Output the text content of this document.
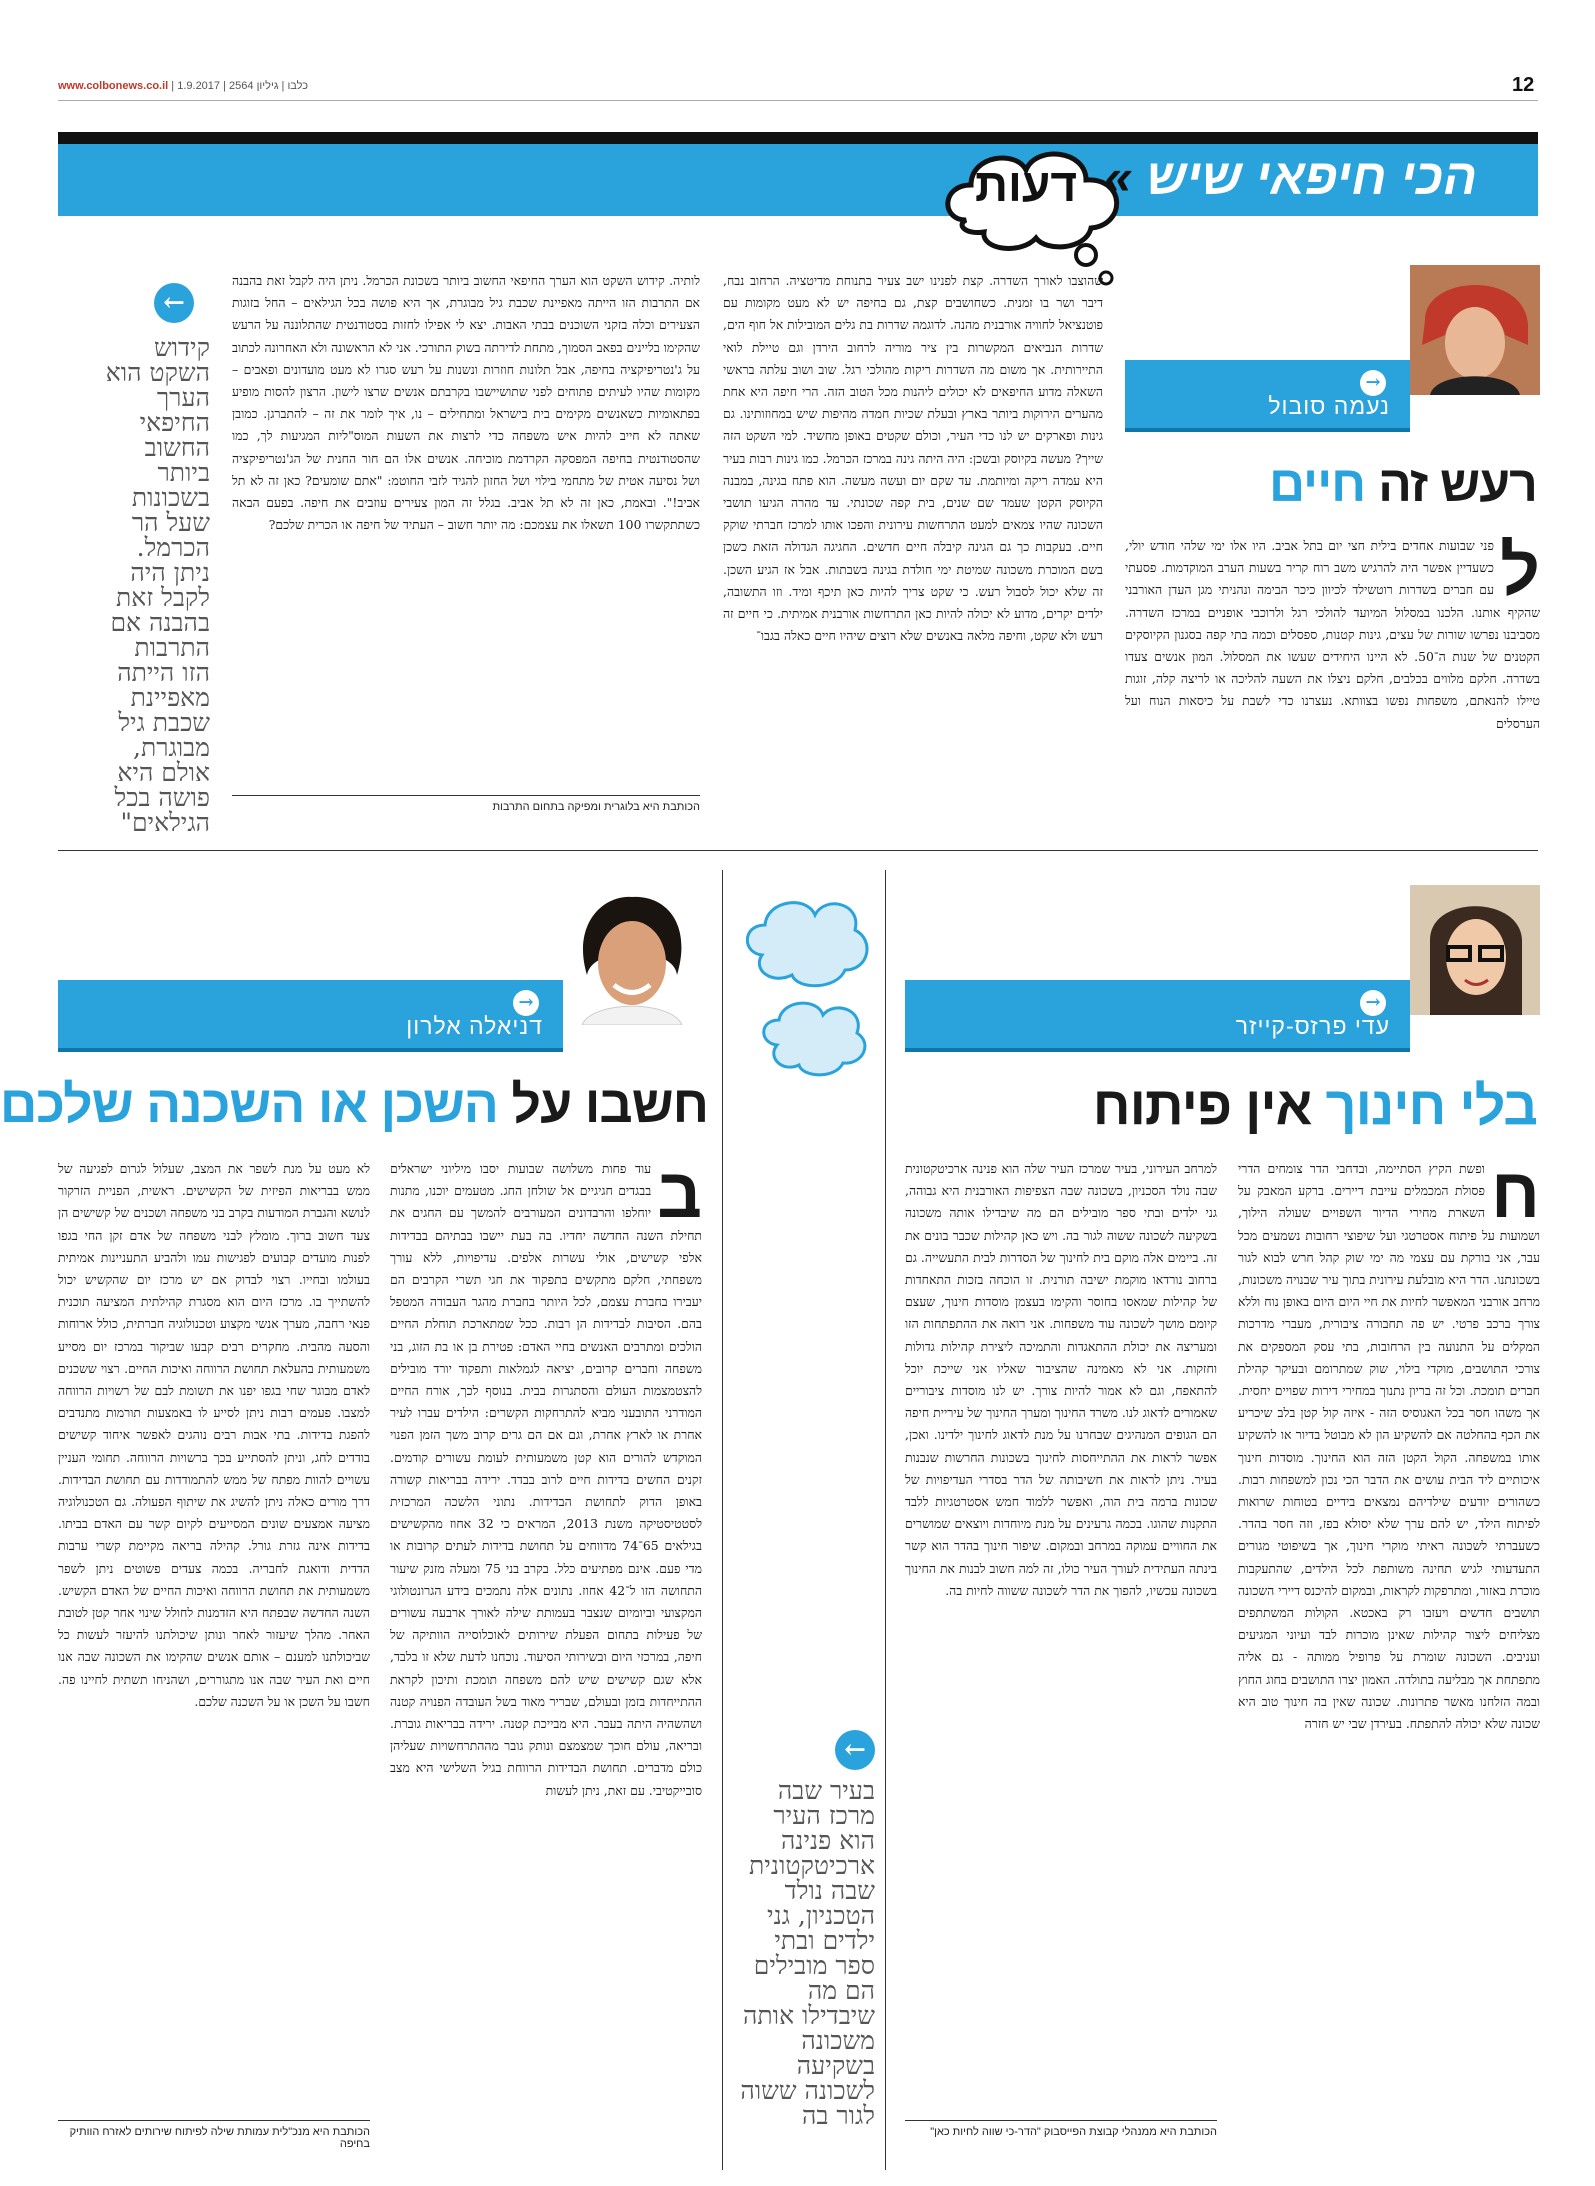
www.colbonews.co.il | כלבו | גיליון 2564 | 1.9.2017	12
הכי חיפאי שיש »
דעות
→
נעמה סובול
רעש זה חיים
ל
פני שבועות אחדים בילית חצי יום בתל אביב. היו אלו ימי שלהי חודש יולי, כשעדיין אפשר היה להרגיש משב רוח קריר בשעות הערב המוקדמות. פסעתי עם חברים בשדרות רוטשילד לכיוון כיכר הבימה ונהניתי מגן העדן האורבני שהקיף אותנו. הלכנו במסלול המיועד להולכי רגל ולרוכבי אופניים במרכז השדרה. מסביבנו נפרשו שורות של עצים, גינות קטנות, ספסלים וכמה בתי קפה בסגנון הקיוסקים הקטנים של שנות ה־50. לא היינו היחידים שעשו את המסלול. המון אנשים צעדו בשדרה. חלקם מלווים בכלבים, חלקם ניצלו את השעה להליכה או לריצה קלה, זוגות טיילו להנאתם, משפחות נפשו בצוותא. נעצרנו כדי לשבת על כיסאות הנוח ועל הערסלים
שהוצבו לאורך השדרה. קצת לפנינו ישב צעיר בתנוחת מדיטציה. הרחוב נבח, דיבר ושר בו זמנית. כשחושבים קצת, גם בחיפה יש לא מעט מקומות עם פוטנציאל לחוויה אורבנית מהנה. לדוגמה שדרות בת גלים המובילות אל חוף הים, שדרות הנביאים המקשרות בין ציר מוריה לרחוב הירדן וגם טיילת לואי התיירותית. אך משום מה השדרות ריקות מהולכי רגל. שוב ושוב עלתה בראשי השאלה מדוע החיפאים לא יכולים ליהנות מכל הטוב הזה. הרי חיפה היא אחת מהערים הירוקות ביותר בארץ ובעלת שכיות חמדה מהיפות שיש במחוזותינו. גם גינות ופארקים יש לנו כדי העיר, וכולם שקטים באופן מחשיד. למי השקט הזה שייך? מעשה בקיוסק ובשכן: היה היתה גינה במרכז הכרמל. כמו גינות רבות בעיר היא עמדה ריקה ומיותמת. עד שקם יום ועשה מעשה. הוא פתח בגינה, במבנה הקיוסק הקטן שעמד שם שנים, בית קפה שכונתי. עד מהרה הגיעו תושבי השכונה שהיו צמאים למעט התרחשות עירונית והפכו אותו למרכז חברתי שוקק חיים. בעקבות כך גם הגינה קיבלה חיים חדשים. החגיגה הגדולה הזאת כשכן בשם המוכרת משכונה שמיטת ימי חולדת בגינה בשבתות. אבל אז הגיע השכן. זה שלא יכול לסבול רעש. כי שקט צריך להיות כאן תיכף ומיד. וזו התשובה, ילדים יקרים, מדוע לא יכולה להיות כאן התרחשות אורבנית אמיתית. כי חיים זה רעש ולא שקט, וחיפה מלאה באנשים שלא רוצים שיהיו חיים כאלה בגבו־
לותיה. קידוש השקט הוא הערך החיפאי החשוב ביותר בשכונת הכרמל. ניתן היה לקבל זאת בהבנה אם התרבות הזו הייתה מאפיינת שכבת גיל מבוגרת, אך היא פושה בכל הגילאים – החל בזוגות הצעירים וכלה בזקני השוכנים בבתי האבות. יצא לי אפילו לחזות בסטודנטית שהתלוננה על הרעש שהקימו בליינים בפאב הסמוך, מתחת לדירתה בשוק התורכי. אני לא הראשונה ולא האחרונה לכתוב על ג'נטריפיקציה בחיפה, אבל תלונות חוזרות ונשנות על רעש סגרו לא מעט מועדונים ופאבים – מקומות שהיו לעיתים פתוחים לפני שתושיישבו בקרבתם אנשים שרצו לישון. הרצון להסות מופיע בפתאומיות כשאנשים מקימים בית בישראל ומתחילים – נו, איך לומר את זה – להתברגן. כמובן שאתה לא חייב להיות איש משפחה כדי לרצות את השעות המוס"ליות המגיעות לך, כמו שהסטודנטית בחיפה המפסקה הקרדמת מוכיחה. אנשים אלו הם חור החנית של הג'נטריפיקציה ושל נסיעה אטית של מתחמי בילוי ושל החזון להגיד לזבי החוטמ: "אתם שומעים? כאן זה לא תל אביב!". ובאמת, כאן זה לא תל אביב. בגלל זה המון צעירים עוזבים את חיפה. בפעם הבאה כשתתקשרו 100 תשאלו את עצמכם: מה יותר חשוב – העתיד של חיפה או הכרית שלכם?
←
קידוש השקט הוא הערך החיפאי החשוב ביותר בשכונות שעל הר הכרמל. ניתן היה לקבל זאת בהבנה אם התרבות הזו הייתה מאפיינת שכבת גיל מבוגרת, אולם היא פושה בכל הגילאים"
הכותבת היא בלוגרית ומפיקה בתחום התרבות
→
עדי פרזס-קייזר
בלי חינוך אין פיתוח
ח
ופשת הקיץ הסתיימה, ובדחבי הדר צומחים הדרי פסולת המכמלים עייבת דיירים. ברקע המאבק על השארת מחירי הדיור השפויים שעולה הילוך, ושמועות על פיתוח אסטרטגי ועל שיפוצי רחובות נשמעים מכל עבר, אני בורקת עם עצמי מה ימי שוק קהל חרש לבוא לגור בשכונתנו. הדר היא מובלעת עירונית בתוך עיר שבנויה משכונות, מרחב אורבני המאפשר לחיות את חיי היום היום באופן נוח וללא צורך ברכב פרטי. יש פה תחבורה ציבורית, מעברי מדרכות המקלים על התנועה בין הרחובות, בתי עסק המספקים את צורכי התושבים, מוקדי בילוי, שוק שמתרומם ובעיקר קהילת חברים תומכת. וכל זה בריון נתנוך במחירי דירות שפויים יחסית. אך משהו חסר בכל האגוסיס הזה - איזה קול קטן בלב שיכריע את הכף בהחלטה אם להשקיע הון לא מבוטל בדיור או להשקיע אותו במשפחה. הקול הקטן הזה הוא החינוך. מוסדות חינוך איכותיים ליד הבית עושים את הדבר הכי נכון למשפחות רבות. כשהורים יודעים שילדיהם נמצאים בידיים בטוחות שרואות לפיתוח הילד, יש להם ערך שלא יסולא בפז, וזה חסר בהדר. כשעברתי לשכונה ראיתי מוקרי חינוך, אך בשיפוטי מגורים התעדעותי לגיש תחינה משותפת לכל הילדים, שהתעקבות מוכרת באזור, ומתרפקות לקראות, ובמקום להיכנס דיירי השכונה תושבים חדשים ויעזבו רק באכטא. הקולות המשתתפים מצליחים ליצור קהילות שאינן מוכרות לבד ועיוני המגיעים ועניבים. השכונה שומרת על פרופיל ממותה - גם אליה מתפתחת אך מבליעה בתולדה. האמון יצרו התושבים בחוג החוץ ובמה הזלחנו מאשר פתרונות. שכונה שאין בה חינוך טוב היא שכונה שלא יכולה להתפתח. בעירדן שבי יש חזרה
למרחב העירוני, בעיר שמרכז העיר שלה הוא פנינה ארכיטקטונית שבה נולד הסכניון, בשכונה שבה הצפיפות האורבנית היא גבוהה, גני ילדים ובתי ספר מובילים הם מה שיבדילו אותה משכונה בשקיעה לשכונה ששוה לגור בה. ויש כאן קהילות שכבר בונים את זה. ביימים אלה מוקם בית לחינוך של הסדרות לבית התעשייה. גם ברחוב נורדאו מוקמת ישיבה תורנית. זו הוכחה בזכות התאחדות של קהילות שמאסו בחוסר והקימו בעצמן מוסדות חינוך, שעצם קיומם מושך לשכונה עוד משפחות. אני רואה את ההתפתחות הזו ומעריצה את יכולת ההתאגדות והתמיכה ליצירת קהילות גדולות וחזקות. אני לא מאמינה שהציבור שאליו אני שייכת יוכל להתאפח, וגם לא אמור להיות צורך. יש לנו מוסדות ציבוריים שאמורים לדאוג לנו. משרד החינוך ומערך החינוך של עיריית חיפה הם הגופים המנהיגים שבחרנו על מנת לדאוג לחינוך ילדינו. ואכן, אפשר לראות את ההתייחסות לחינוך בשכונות החרשות שנבנות בעיר. ניתן לראות את חשיבותה של הדר בסדרי העדיפויות של שכונות ברמה בית הוה, ואפשר ללמוד חמש אסטרטגיות ללבד התקנות שהוגו. בכמה גרעינים על מנת מיוחדות ויוצאים שמושרים את החוויים עמוקה במרחב ובמקום. שיפור חינוך בהדר הוא קשר בינתה העתידית לעורך העיר כולו, זה למה חשוב לבנות את החינוך בשכונה עכשיו, להפוך את הדר לשכונה ששווה לחיות בה.
הכותבת היא ממנהלי קבוצת הפייסבוק "הדר-כי שווה לחיות כאן"
←
בעיר שבה מרכז העיר הוא פנינה ארכיטקטונית שבה נולד הטכניון, גני ילדים ובתי ספר מובילים הם מה שיבדילו אותה משכונה בשקיעה לשכונה ששוה לגור בה
→
דניאלה אלרון
חשבו על השכן או השכנה שלכם
ב
עוד פחות משלושה שבועות יסבו מיליוני ישראלים בבגדים חגיגיים אל שולחן החג. מטעמים יוכנו, מתנות יוחלפו והרבדונים המעורבים להמשך עם החגים את תחילת השנה החדשה יחדיו. בה בעת יישבו בבתיהם בבדידות אלפי קשישים, אולי עשרות אלפים. עדיפויות, ללא עורך משפחתי, חלקם מתקשים בתפקוד את חגי תשרי הקרבים הם יעבירו בחברת עצמם, לכל היותר בחברת מהגר העבודה המטפל בהם. הסיבות לבדידות הן רבות. ככל שמתארכת תוחלת החיים הולכים ומתרבים האנשים בחיי האדם: פטירת בן או בת הזוג, בני משפחה וחברים קרובים, יציאה לגמלאות ותפקוד יורד מובילים להצטמצמות העולם והסתגרות בבית. בנוסף לכך, אורח החיים המודרני התובעני מביא להתרחקות הקשרים: הילדים עברו לעיר אחרת או לארץ אחרת, וגם אם הם גרים קרוב משך הזמן הפנוי המוקדש להורים הוא קטן משמעותית לעומת עשורים קודמים. זקנים החשים בדידות חיים לרוב בבדד. ירידה בבריאות קשורה באופן הדוק לתחושת הבדידות. נתוני הלשכה המרכזית לסטטיסטיקה משנת 2013, המראים כי 32 אחוז מהקשישים בגילאים 65־74 מדווחים על תחושת בדידות לעתים קרובות או מדי פעם. אינם מפתיעים כלל. בקרב בני 75 ומעלה מזנק שיעור התחושה הזו ל־42 אחוז. נתונים אלה נתמכים בידע הגרונטולוגי המקצועי וביומיום שנצבר בעמותת שילה לאורך ארבעה עשורים של פעילות בתחום הפעלת שירותים לאוכלוסייה הוותיקה של חיפה, במרכזי היום ובשירותי הסיעוד. נוכחנו לדעת שלא זו בלבד, אלא שגם קשישים שיש להם משפחה תומכת ותיכון לקראת ההתייחדות בזמן ובעולם, שבריר מאוד בשל העובדה הפנויה קטנה ושהשהיה היתה בעבר. היא מבייכת קטנה. ירידה בבריאות גוברת. ובריאה, עולם חוכך שמצמצם ונותק גובר מההתרחשויות שעליהן כולם מדברים. תחושת הבדידות הרווחת בגיל השלישי היא מצב סובייקטיבי. עם זאת, ניתן לעשות
לא מעט על מנת לשפר את המצב, שעלול לגרום לפגיעה של ממש בבריאות הפיזית של הקשישים. ראשית, הפניית הזרקור לנושא והגברת המודעות בקרב בני משפחה ושכנים של קשישים הן צעד חשוב ברוך. מומלץ לבני משפחה של אדם זקן החי בגפו לפנות מועדים קבועים לפגישות עמו ולהביע התעניינות אמיתית בעולמו ובחייו. רצוי לבדוק אם יש מרכז יום שהקשיש יכול להשתייך בו. מרכז היום הוא מסגרת קהילתית המציעה תוכנית פנאי רחבה, מערך אנשי מקצוע וטכנולוגיה חברתית, כולל ארוחות והסעה מהבית. מחקרים רבים קבעו שביקור במרכז יום מסייע משמעותית בהעלאת תחושת הרווחה ואיכות החיים. רצוי ששכנים לאדם מבוגר שחי בגפו יפנו את תשומת לבם של רשויות הרווחה למצבו. פעמים רבות ניתן לסייע לו באמצעות תורמות מתנדבים להפגת בדידות. בתי אבות רבים נוהגים לאפשר איחוד קשישים בודדים לחג, וניתן להסתייע בכך ברשויות הרווחה. תחומי העניין עשויים להוות מפתח של ממש להתמודדות עם תחושת הבדידות. דרך מורים כאלה ניתן להשיג את שיתוף הפעולה. גם הטכנולוגיה מציעה אמצעים שונים המסייעים לקיום קשר עם האדם בביתו. בדידות אינה גזרת גורל. קהילה בריאה מקיימת קשרי ערבות הדדית ודואגת לחבריה. בכמה צעדים פשוטים ניתן לשפר משמעותית את תחושת הרווחה ואיכות החיים של האדם הקשיש. השנה החדשה שבפתח היא הזדמנות לחולל שינוי אחר קטן לטובת האחר. מהלך שיעזור לאחר ונותן שיכולתנו להיעזר לעשות כל שביכולתנו למענם – אותם אנשים שהקימו את השכונה שבה אנו חיים ואת העיר שבה אנו מתגוררים, ושהניחו תשתית לחיינו פה. חשבו על השכן או על השכנה שלכם.
הכותבת היא מנכ"לית עמותת שילה לפיתוח שירותים לאזרח הוותיק בחיפה
